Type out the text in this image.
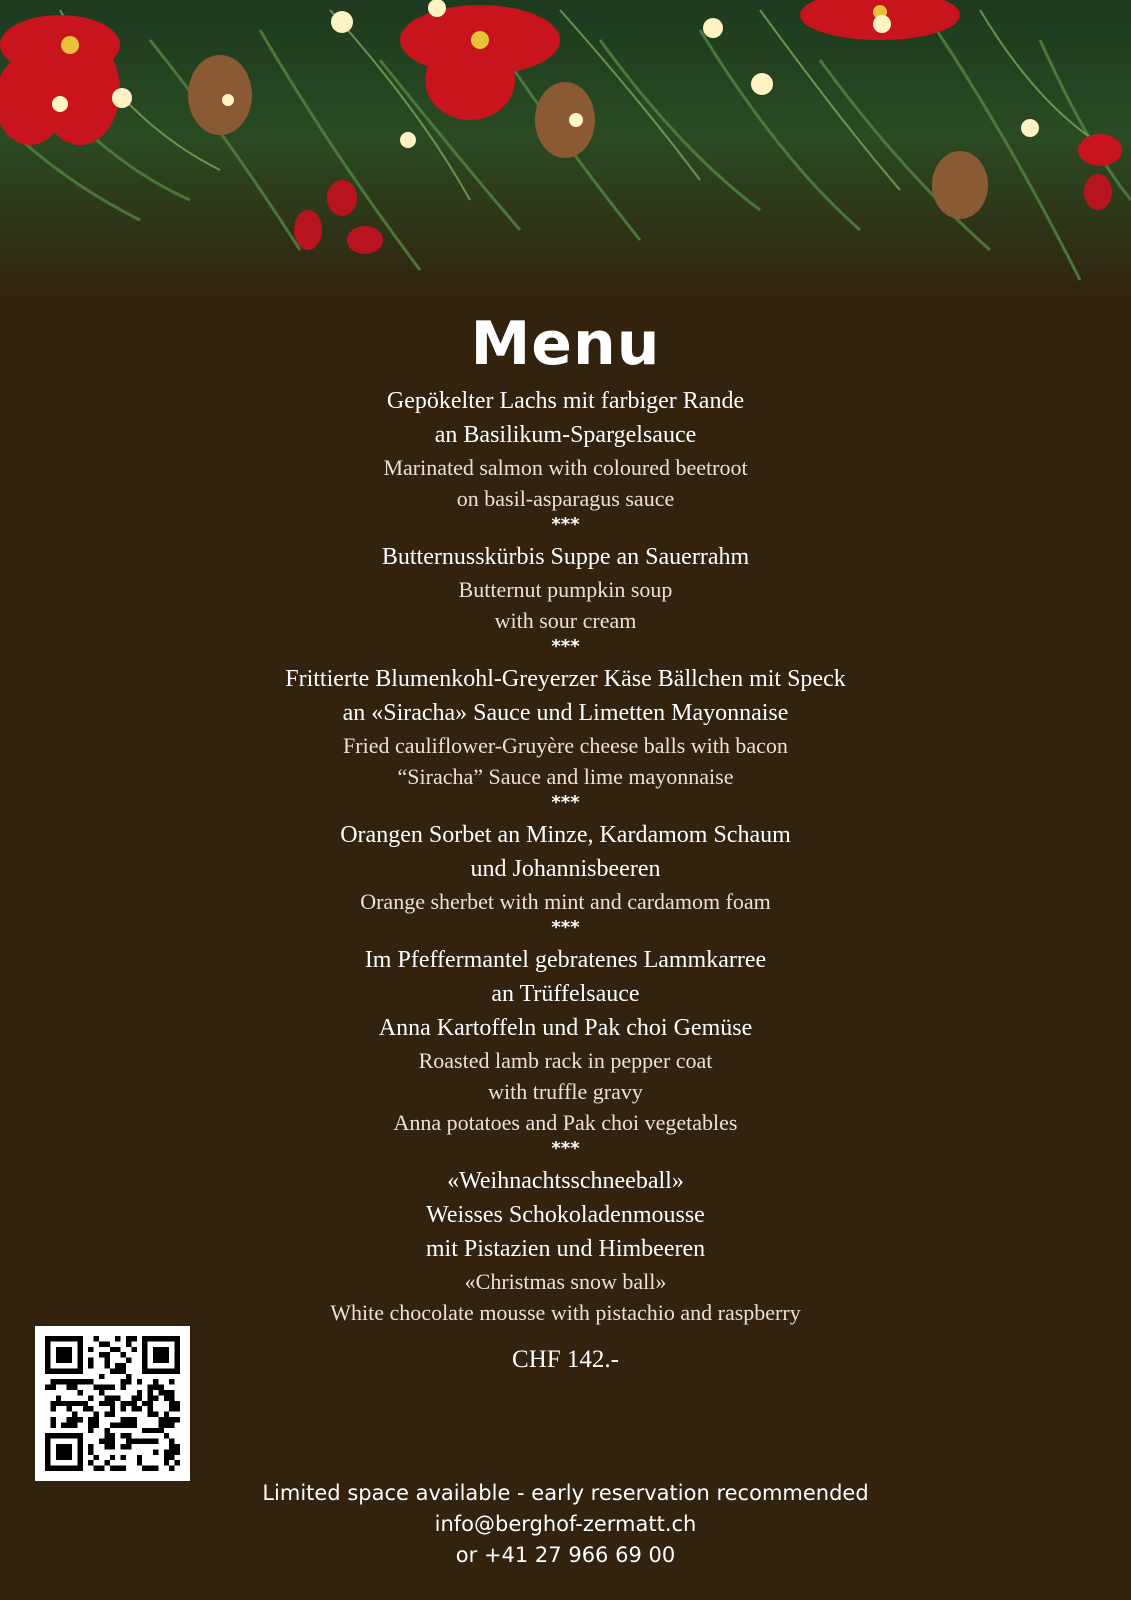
Menu
Gepökelter Lachs mit farbiger Rande
an Basilikum-Spargelsauce
Marinated salmon with coloured beetroot
on basil-asparagus sauce
***
Butternusskürbis Suppe an Sauerrahm
Butternut pumpkin soup
with sour cream
***
Frittierte Blumenkohl-Greyerzer Käse Bällchen mit Speck
an «Siracha» Sauce und Limetten Mayonnaise
Fried cauliflower-Gruyère cheese balls with bacon
“Siracha” Sauce and lime mayonnaise
***
Orangen Sorbet an Minze, Kardamom Schaum
und Johannisbeeren
Orange sherbet with mint and cardamom foam
***
Im Pfeffermantel gebratenes Lammkarree
an Trüffelsauce
Anna Kartoffeln und Pak choi Gemüse
Roasted lamb rack in pepper coat
with truffle gravy
Anna potatoes and Pak choi vegetables
***
«Weihnachtsschneeball»
Weisses Schokoladenmousse
mit Pistazien und Himbeeren
«Christmas snow ball»
White chocolate mousse with pistachio and raspberry
CHF 142.-
Limited space available - early reservation recommended
info@berghof-zermatt.ch
or +41 27 966 69 00
